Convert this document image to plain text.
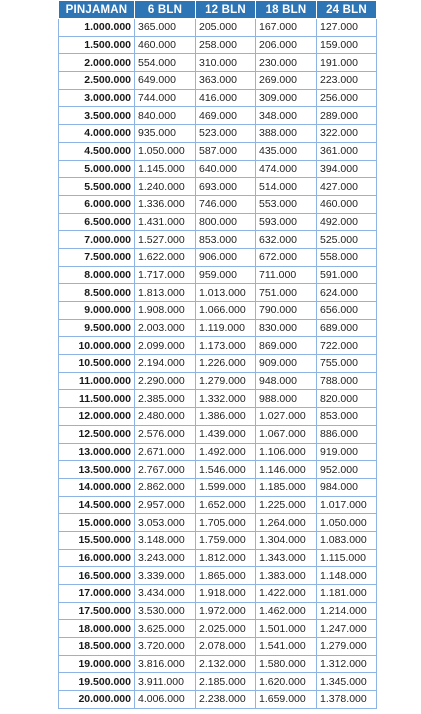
PINJAMAN	6 BLN	12 BLN	18 BLN	24 BLN
1.000.000	365.000	205.000	167.000	127.000
1.500.000	460.000	258.000	206.000	159.000
2.000.000	554.000	310.000	230.000	191.000
2.500.000	649.000	363.000	269.000	223.000
3.000.000	744.000	416.000	309.000	256.000
3.500.000	840.000	469.000	348.000	289.000
4.000.000	935.000	523.000	388.000	322.000
4.500.000	1.050.000	587.000	435.000	361.000
5.000.000	1.145.000	640.000	474.000	394.000
5.500.000	1.240.000	693.000	514.000	427.000
6.000.000	1.336.000	746.000	553.000	460.000
6.500.000	1.431.000	800.000	593.000	492.000
7.000.000	1.527.000	853.000	632.000	525.000
7.500.000	1.622.000	906.000	672.000	558.000
8.000.000	1.717.000	959.000	711.000	591.000
8.500.000	1.813.000	1.013.000	751.000	624.000
9.000.000	1.908.000	1.066.000	790.000	656.000
9.500.000	2.003.000	1.119.000	830.000	689.000
10.000.000	2.099.000	1.173.000	869.000	722.000
10.500.000	2.194.000	1.226.000	909.000	755.000
11.000.000	2.290.000	1.279.000	948.000	788.000
11.500.000	2.385.000	1.332.000	988.000	820.000
12.000.000	2.480.000	1.386.000	1.027.000	853.000
12.500.000	2.576.000	1.439.000	1.067.000	886.000
13.000.000	2.671.000	1.492.000	1.106.000	919.000
13.500.000	2.767.000	1.546.000	1.146.000	952.000
14.000.000	2.862.000	1.599.000	1.185.000	984.000
14.500.000	2.957.000	1.652.000	1.225.000	1.017.000
15.000.000	3.053.000	1.705.000	1.264.000	1.050.000
15.500.000	3.148.000	1.759.000	1.304.000	1.083.000
16.000.000	3.243.000	1.812.000	1.343.000	1.115.000
16.500.000	3.339.000	1.865.000	1.383.000	1.148.000
17.000.000	3.434.000	1.918.000	1.422.000	1.181.000
17.500.000	3.530.000	1.972.000	1.462.000	1.214.000
18.000.000	3.625.000	2.025.000	1.501.000	1.247.000
18.500.000	3.720.000	2.078.000	1.541.000	1.279.000
19.000.000	3.816.000	2.132.000	1.580.000	1.312.000
19.500.000	3.911.000	2.185.000	1.620.000	1.345.000
20.000.000	4.006.000	2.238.000	1.659.000	1.378.000
